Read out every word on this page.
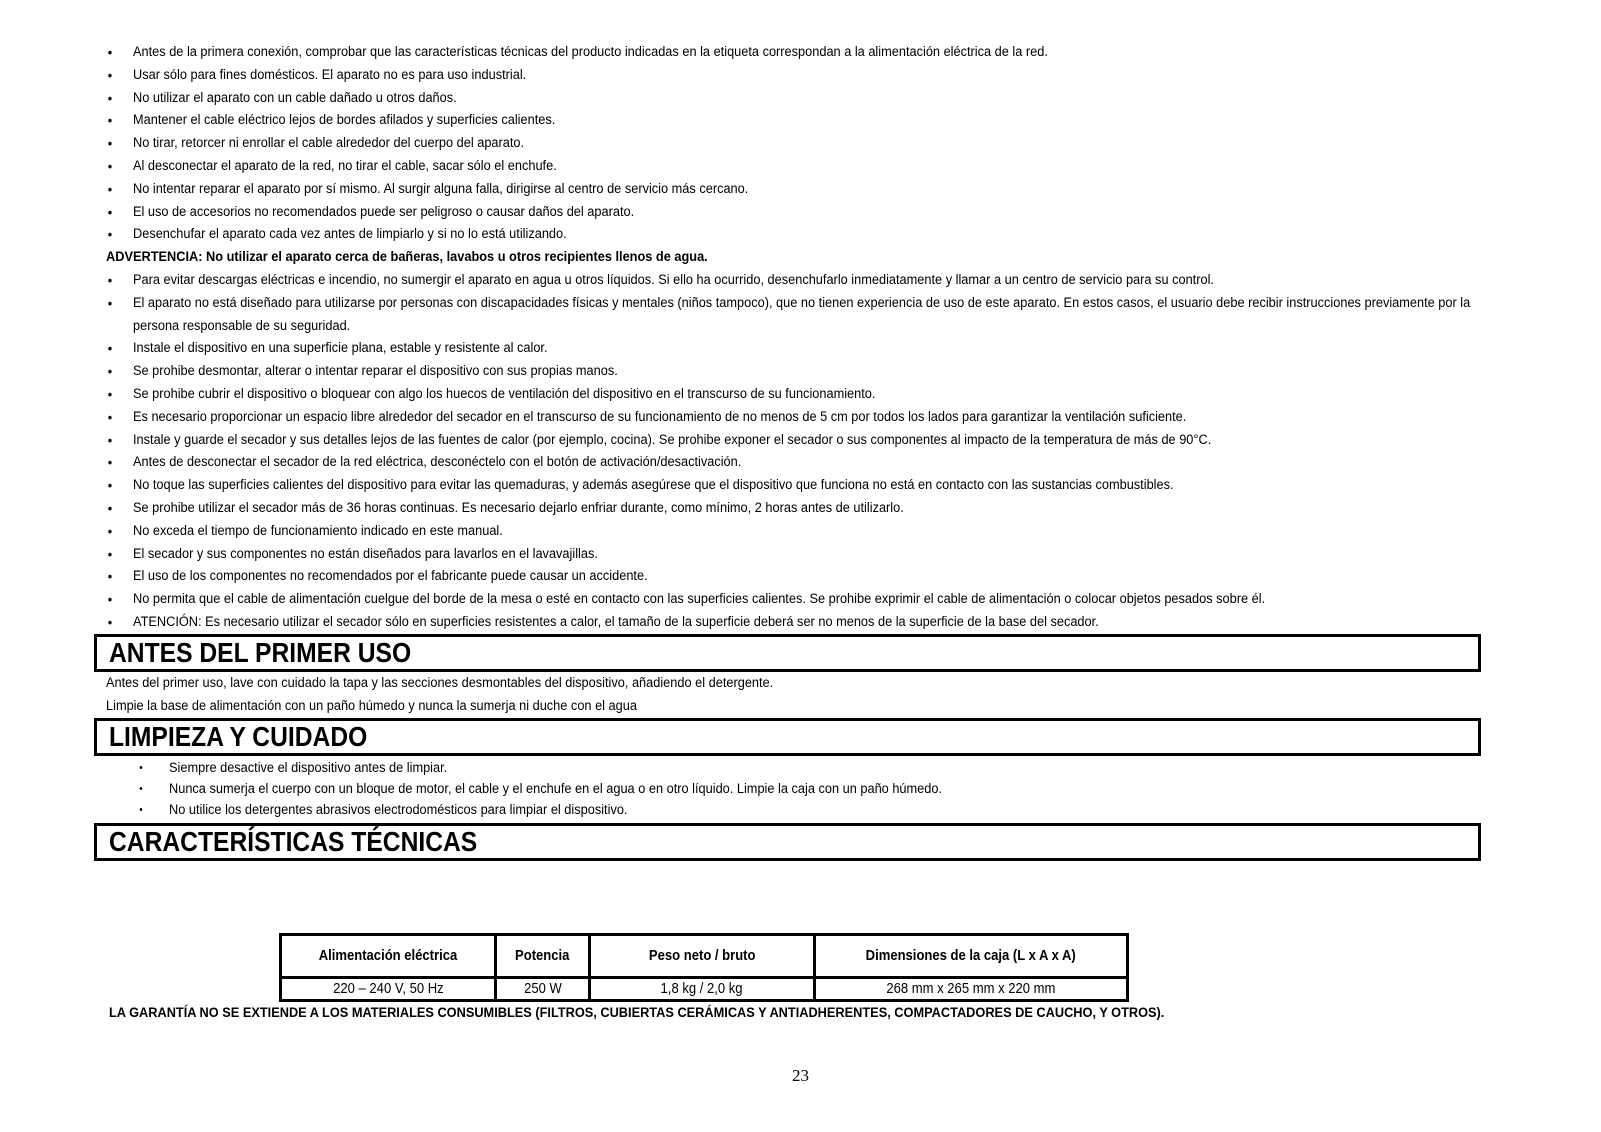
• Antes de la primera conexión, comprobar que las características técnicas del producto indicadas en la etiqueta correspondan a la alimentación eléctrica de la red.
• Usar sólo para fines domésticos. El aparato no es para uso industrial.
• No utilizar el aparato con un cable dañado u otros daños.
• Mantener el cable eléctrico lejos de bordes afilados y superficies calientes.
• No tirar, retorcer ni enrollar el cable alrededor del cuerpo del aparato.
• Al desconectar el aparato de la red, no tirar el cable, sacar sólo el enchufe.
• No intentar reparar el aparato por sí mismo. Al surgir alguna falla, dirigirse al centro de servicio más cercano.
• El uso de accesorios no recomendados puede ser peligroso o causar daños del aparato.
• Desenchufar el aparato cada vez antes de limpiarlo y si no lo está utilizando.
ADVERTENCIA: No utilizar el aparato cerca de bañeras, lavabos u otros recipientes llenos de agua.
• Para evitar descargas eléctricas e incendio, no sumergir el aparato en agua u otros líquidos. Si ello ha ocurrido, desenchufarlo inmediatamente y llamar a un centro de servicio para su control.
• El aparato no está diseñado para utilizarse por personas con discapacidades físicas y mentales (niños tampoco), que no tienen experiencia de uso de este aparato. En estos casos, el usuario debe recibir instrucciones previamente por la persona responsable de su seguridad.
• Instale el dispositivo en una superficie plana, estable y resistente al calor.
• Se prohibe desmontar, alterar o intentar reparar el dispositivo con sus propias manos.
• Se prohibe cubrir el dispositivo o bloquear con algo los huecos de ventilación del dispositivo en el transcurso de su funcionamiento.
• Es necesario proporcionar un espacio libre alrededor del secador en el transcurso de su funcionamiento de no menos de 5 cm por todos los lados para garantizar la ventilación suficiente.
• Instale y guarde el secador y sus detalles lejos de las fuentes de calor (por ejemplo, cocina). Se prohibe exponer el secador o sus componentes al impacto de la temperatura de más de 90°C.
• Antes de desconectar el secador de la red eléctrica, desconéctelo con el botón de activación/desactivación.
• No toque las superficies calientes del dispositivo para evitar las quemaduras, y además asegúrese que el dispositivo que funciona no está en contacto con las sustancias combustibles.
• Se prohibe utilizar el secador más de 36 horas continuas. Es necesario dejarlo enfriar durante, como mínimo, 2 horas antes de utilizarlo.
• No exceda el tiempo de funcionamiento indicado en este manual.
• El secador y sus componentes no están diseñados para lavarlos en el lavavajillas.
• El uso de los componentes no recomendados por el fabricante puede causar un accidente.
• No permita que el cable de alimentación cuelgue del borde de la mesa o esté en contacto con las superficies calientes. Se prohibe exprimir el cable de alimentación o colocar objetos pesados sobre él.
• ATENCIÓN: Es necesario utilizar el secador sólo en superficies resistentes a calor, el tamaño de la superficie deberá ser no menos de la superficie de la base del secador.
ANTES DEL PRIMER USO
Antes del primer uso, lave con cuidado la tapa y las secciones desmontables del dispositivo, añadiendo el detergente.
Limpie la base de alimentación con un paño húmedo y nunca la sumerja ni duche con el agua
LIMPIEZA Y CUIDADO
• Siempre desactive el dispositivo antes de limpiar.
• Nunca sumerja el cuerpo con un bloque de motor, el cable y el enchufe en el agua o en otro líquido. Limpie la caja con un paño húmedo.
• No utilice los detergentes abrasivos electrodomésticos para limpiar el dispositivo.
CARACTERÍSTICAS TÉCNICAS
Alimentación eléctrica	Potencia	Peso neto / bruto	Dimensiones de la caja (L x A x A)
220 – 240 V, 50 Hz	250 W	1,8 kg / 2,0 kg	268 mm x 265 mm x 220 mm
LA GARANTÍA NO SE EXTIENDE A LOS MATERIALES CONSUMIBLES (FILTROS, CUBIERTAS CERÁMICAS Y ANTIADHERENTES, COMPACTADORES DE CAUCHO, Y OTROS).
23
